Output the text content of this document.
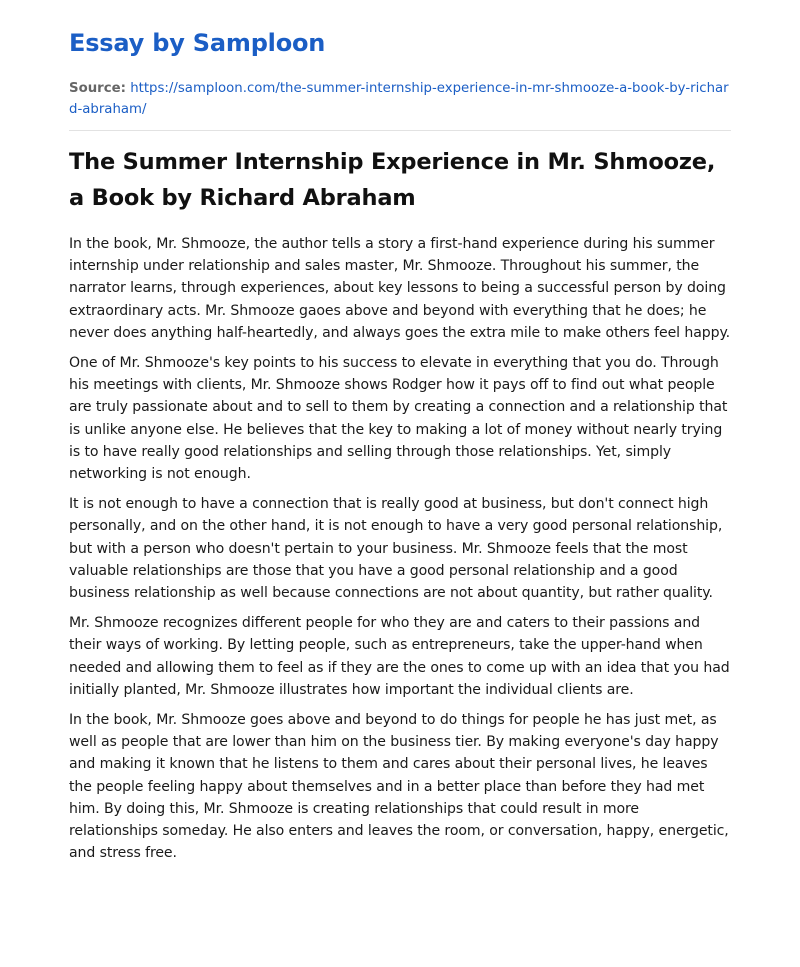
Essay by Samploon
Source: https://samploon.com/the-summer-internship-experience-in-mr-shmooze-a-book-by-richard-abraham/
The Summer Internship Experience in Mr. Shmooze, a Book by Richard Abraham

In the book, Mr. Shmooze, the author tells a story a first-hand experience during his summer internship under relationship and sales master, Mr. Shmooze. Throughout his summer, the narrator learns, through experiences, about key lessons to being a successful person by doing extraordinary acts. Mr. Shmooze gaoes above and beyond with everything that he does; he never does anything half-heartedly, and always goes the extra mile to make others feel happy.

One of Mr. Shmooze's key points to his success to elevate in everything that you do. Through his meetings with clients, Mr. Shmooze shows Rodger how it pays off to find out what people are truly passionate about and to sell to them by creating a connection and a relationship that is unlike anyone else. He believes that the key to making a lot of money without nearly trying is to have really good relationships and selling through those relationships. Yet, simply networking is not enough.

It is not enough to have a connection that is really good at business, but don't connect high personally, and on the other hand, it is not enough to have a very good personal relationship, but with a person who doesn't pertain to your business. Mr. Shmooze feels that the most valuable relationships are those that you have a good personal relationship and a good business relationship as well because connections are not about quantity, but rather quality.

Mr. Shmooze recognizes different people for who they are and caters to their passions and their ways of working. By letting people, such as entrepreneurs, take the upper-hand when needed and allowing them to feel as if they are the ones to come up with an idea that you had initially planted, Mr. Shmooze illustrates how important the individual clients are.

In the book, Mr. Shmooze goes above and beyond to do things for people he has just met, as well as people that are lower than him on the business tier. By making everyone's day happy and making it known that he listens to them and cares about their personal lives, he leaves the people feeling happy about themselves and in a better place than before they had met him. By doing this, Mr. Shmooze is creating relationships that could result in more relationships someday. He also enters and leaves the room, or conversation, happy, energetic, and stress free.
